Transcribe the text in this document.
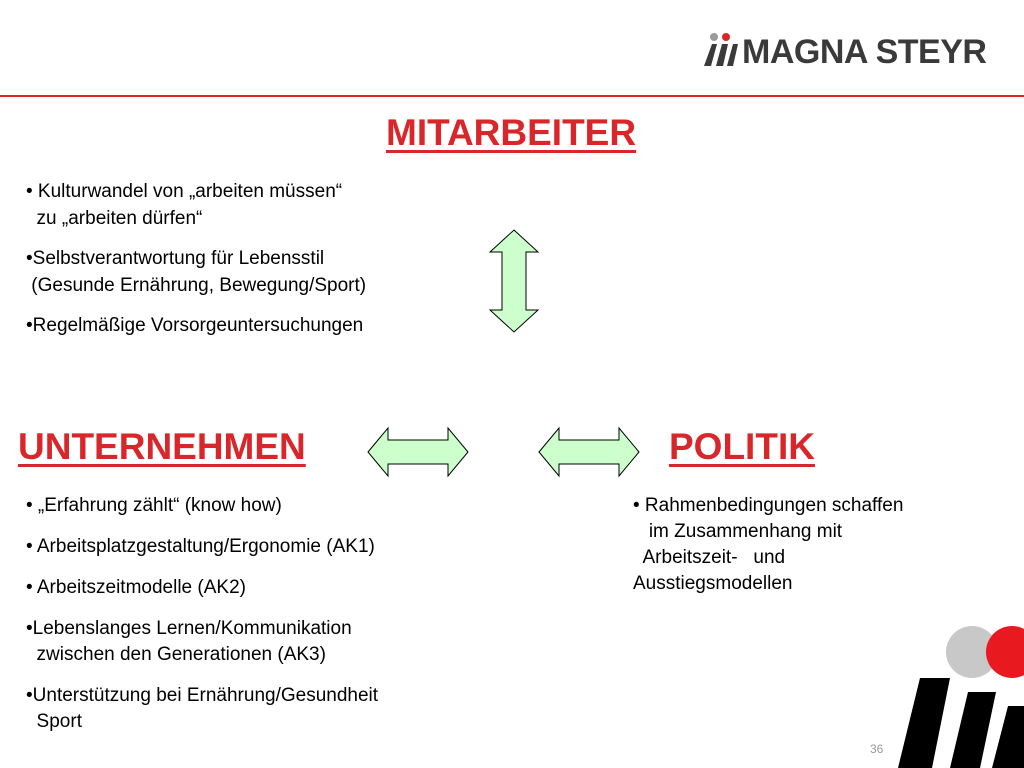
MAGNA STEYR
MITARBEITER
UNTERNEHMEN	POLITIK
• Kulturwandel von „arbeiten müssen“
zu „arbeiten dürfen“
•Selbstverantwortung für Lebensstil
(Gesunde Ernährung, Bewegung/Sport)
•Regelmäßige Vorsorgeuntersuchungen
• „Erfahrung zählt“ (know how)
• Arbeitsplatzgestaltung/Ergonomie (AK1)
• Arbeitszeitmodelle (AK2)
•Lebenslanges Lernen/Kommunikation
zwischen den Generationen (AK3)
•Unterstützung bei Ernährung/Gesundheit
Sport
• Rahmenbedingungen schaffen
im Zusammenhang mit
Arbeitszeit-   und
Ausstiegsmodellen
36
